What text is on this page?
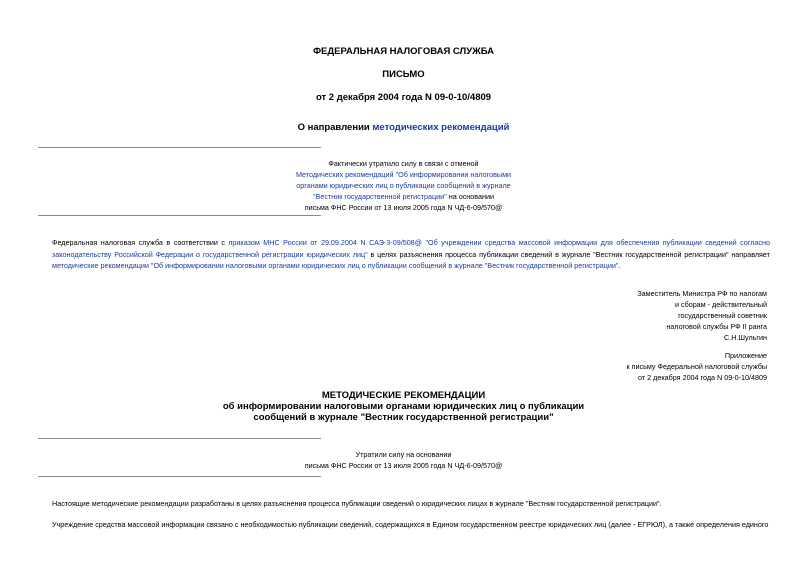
ФЕДЕРАЛЬНАЯ НАЛОГОВАЯ СЛУЖБА
ПИСЬМО
от 2 декабря 2004 года N 09-0-10/4809
О направлении методических рекомендаций
Фактически утратило силу в связи с отменой
Методических рекомендаций "Об информировании налоговыми
органами юридических лиц о публикации сообщений в журнале
"Вестник государственной регистрации" на основании
письма ФНС России от 13 июля 2005 года N ЧД-6-09/570@
Федеральная налоговая служба в соответствии с приказом МНС России от 29.09.2004 N САЭ-3-09/508@ "Об учреждении средства массовой информации для обеспечения публикации сведений согласно законодательству Российской Федерации о государственной регистрации юридических лиц" в целях разъяснения процесса публикации сведений в журнале "Вестник государственной регистрации" направляет методические рекомендации "Об информировании налоговыми органами юридических лиц о публикации сообщений в журнале "Вестник государственной регистрации".
Заместитель Министра РФ по налогам
и сборам - действительный
государственный советник
налоговой службы РФ II ранга
С.Н.Шульгин
Приложение
к письму Федеральной налоговой службы
от 2 декабря 2004 года N 09-0-10/4809
МЕТОДИЧЕСКИЕ РЕКОМЕНДАЦИИ
об информировании налоговыми органами юридических лиц о публикации
сообщений в журнале "Вестник государственной регистрации"
Утратили силу на основании
письма ФНС России от 13 июля 2005 года N ЧД-6-09/570@
Настоящие методические рекомендации разработаны в целях разъяснения процесса публикации сведений о юридических лицах в журнале "Вестник государственной регистрации".
Учреждение средства массовой информации связано с необходимостью публикации сведений, содержащихся в Едином государственном реестре юридических лиц (далее - ЕГРЮЛ), а также определения единого
